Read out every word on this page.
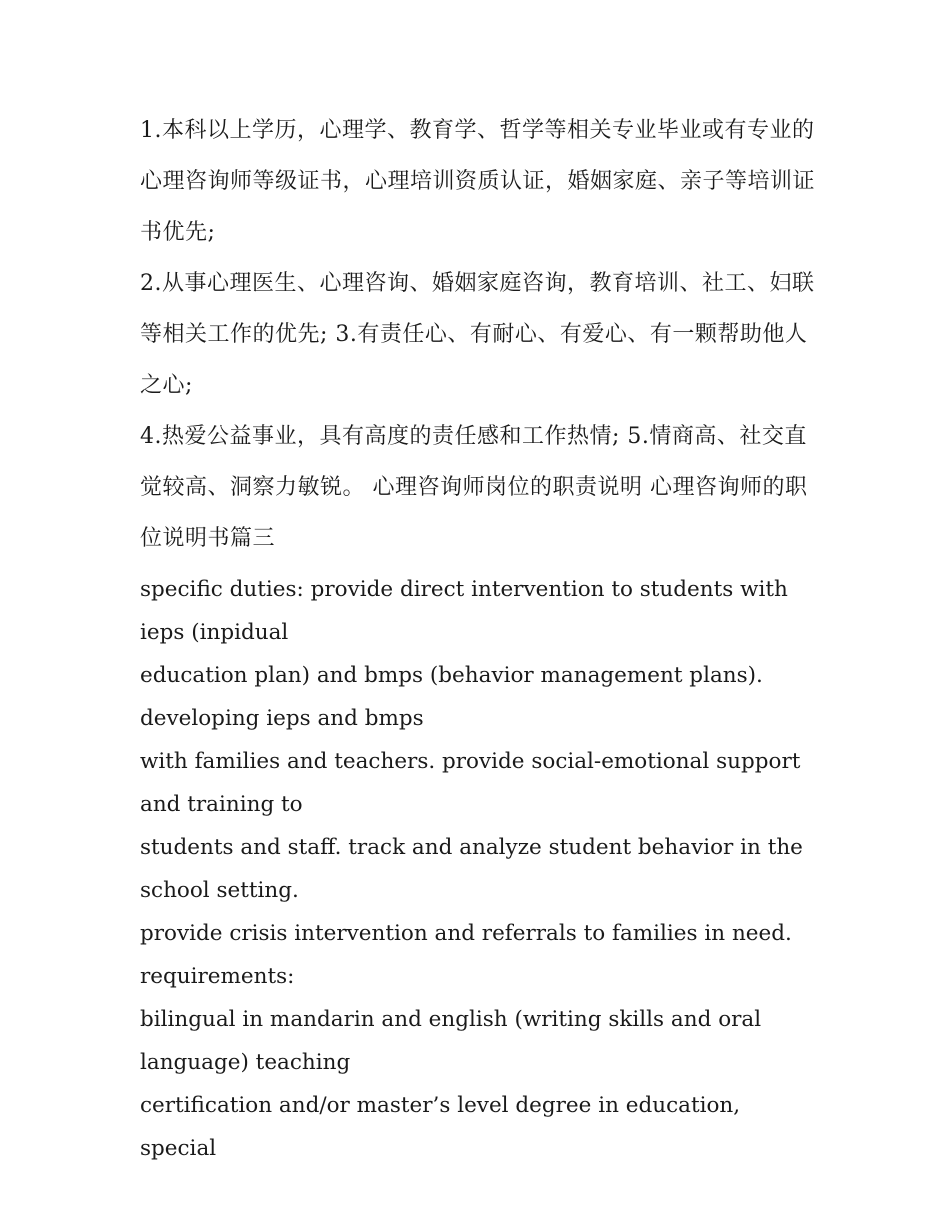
1.本科以上学历，心理学、教育学、哲学等相关专业毕业或有专业的心理咨询师等级证书，心理培训资质认证，婚姻家庭、亲子等培训证书优先;

2.从事心理医生、心理咨询、婚姻家庭咨询，教育培训、社工、妇联等相关工作的优先; 3.有责任心、有耐心、有爱心、有一颗帮助他人之心;

4.热爱公益事业，具有高度的责任感和工作热情; 5.情商高、社交直觉较高、洞察力敏锐。 心理咨询师岗位的职责说明 心理咨询师的职位说明书篇三

specific duties: provide direct intervention to students with ieps (inpidual

education plan) and bmps (behavior management plans). developing ieps and bmps

with families and teachers. provide social-emotional support and training to

students and staff. track and analyze student behavior in the school setting.

provide crisis intervention and referrals to families in need.

requirements:

bilingual in mandarin and english (writing skills and oral language) teaching

certification and/or master’s level degree in education, special
